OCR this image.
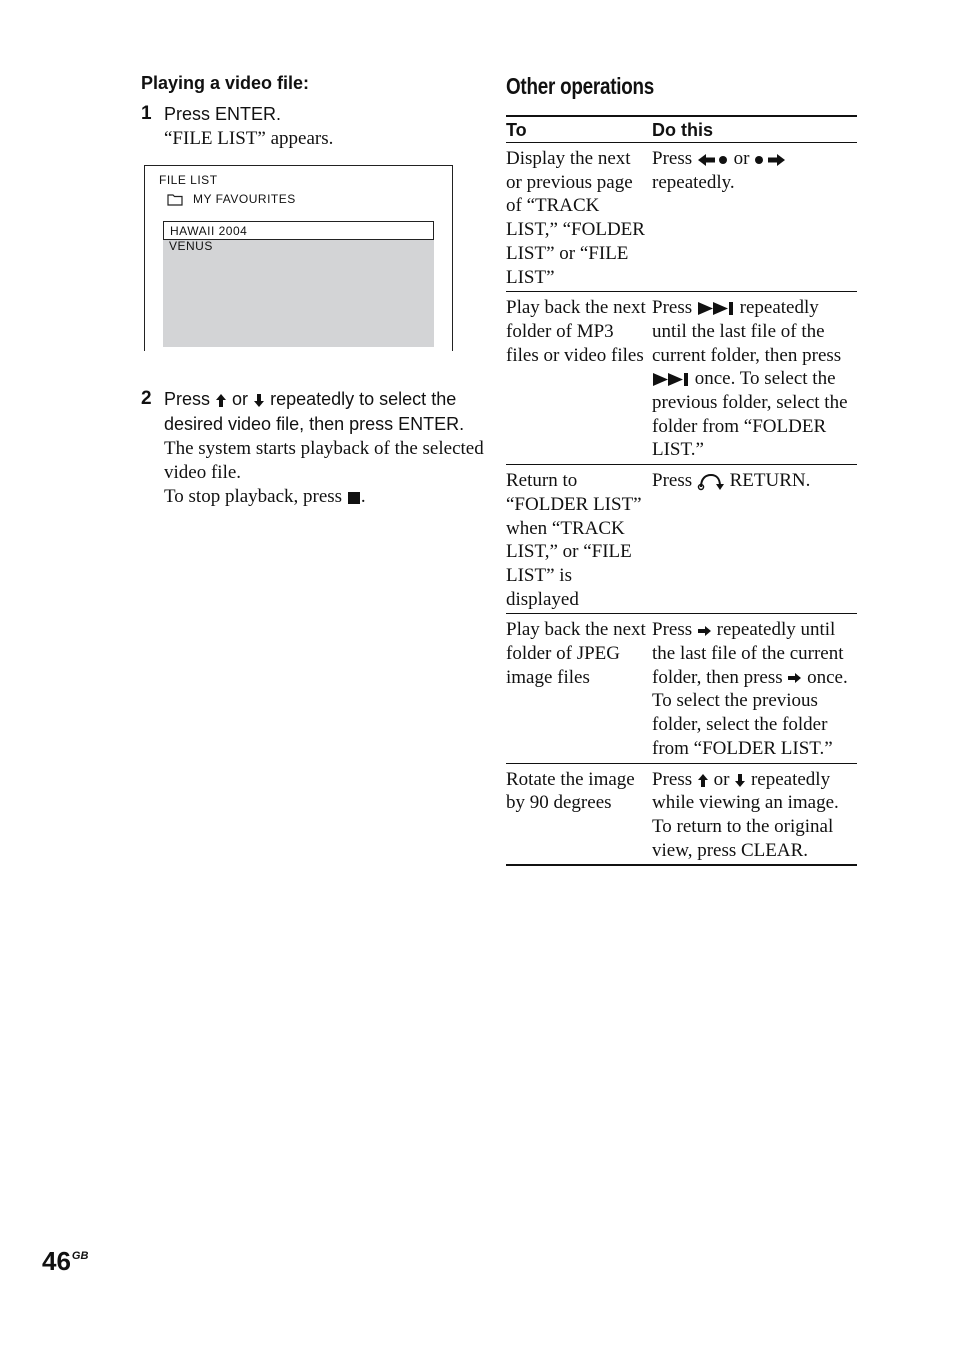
Playing a video file:

1 Press ENTER.

“FILE LIST” appears.

FILE LIST
MY FAVOURITES
HAWAII 2004
VENUS
2 Press or repeatedly to select the desired video file, then press ENTER.

The system starts playback of the selected video file.

To stop playback, press .

Other operations

To	Do this
Display the next or previous page of “TRACK LIST,” “FOLDER LIST” or “FILE LIST”	Press or  repeatedly.
Play back the next folder of MP3 files or video files	Press repeatedly until the last file of the current folder, then press  once. To select the previous folder, select the folder from “FOLDER LIST.”
Return to “FOLDER LIST” when “TRACK LIST,” or “FILE LIST” is displayed	Press RETURN.
Play back the next folder of JPEG image files	Press repeatedly until the last file of the current folder, then press once. To select the previous folder, select the folder from “FOLDER LIST.”
Rotate the image by 90 degrees	Press or repeatedly while viewing an image. To return to the original view, press CLEAR.
$46^{GB}$
